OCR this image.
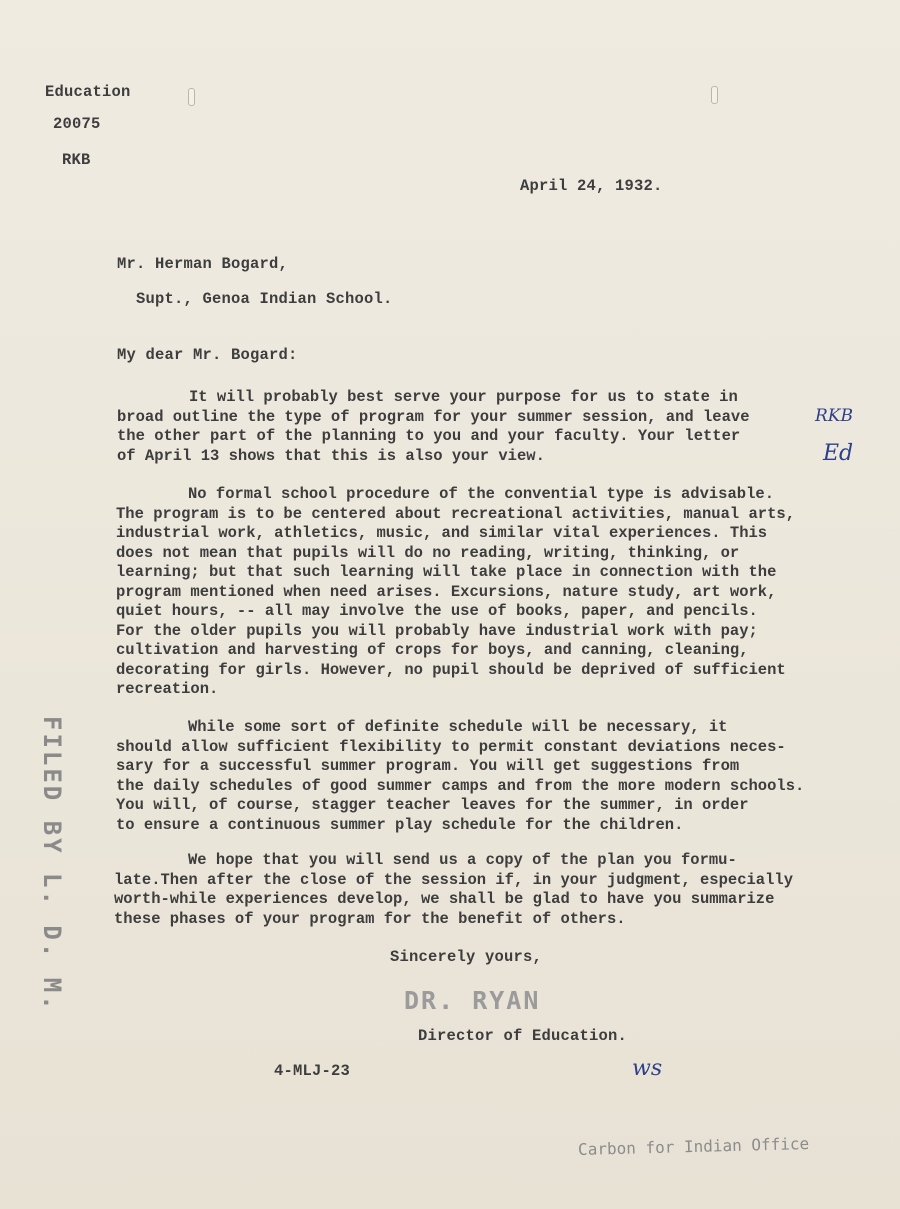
Education
20075
RKB
April 24, 1932.
Mr. Herman Bogard,
Supt., Genoa Indian School.
My dear Mr. Bogard:
It will probably best serve your purpose for us to state in
broad outline the type of program for your summer session, and leave
the other part of the planning to you and your faculty. Your letter
of April 13 shows that this is also your view.
No formal school procedure of the convential type is advisable.
The program is to be centered about recreational activities, manual arts,
industrial work, athletics, music, and similar vital experiences. This
does not mean that pupils will do no reading, writing, thinking, or
learning; but that such learning will take place in connection with the
program mentioned when need arises. Excursions, nature study, art work,
quiet hours, -- all may involve the use of books, paper, and pencils.
For the older pupils you will probably have industrial work with pay;
cultivation and harvesting of crops for boys, and canning, cleaning,
decorating for girls. However, no pupil should be deprived of sufficient
recreation.
While some sort of definite schedule will be necessary, it
should allow sufficient flexibility to permit constant deviations neces-
sary for a successful summer program. You will get suggestions from
the daily schedules of good summer camps and from the more modern schools.
You will, of course, stagger teacher leaves for the summer, in order
to ensure a continuous summer play schedule for the children.
We hope that you will send us a copy of the plan you formu-
late.Then after the close of the session if, in your judgment, especially
worth-while experiences develop, we shall be glad to have you summarize
these phases of your program for the benefit of others.
Sincerely yours,
DR. RYAN
Director of Education.
4-MLJ-23
FILED BY L. D. M.
RKB
Ed
ws
Carbon for Indian Office
